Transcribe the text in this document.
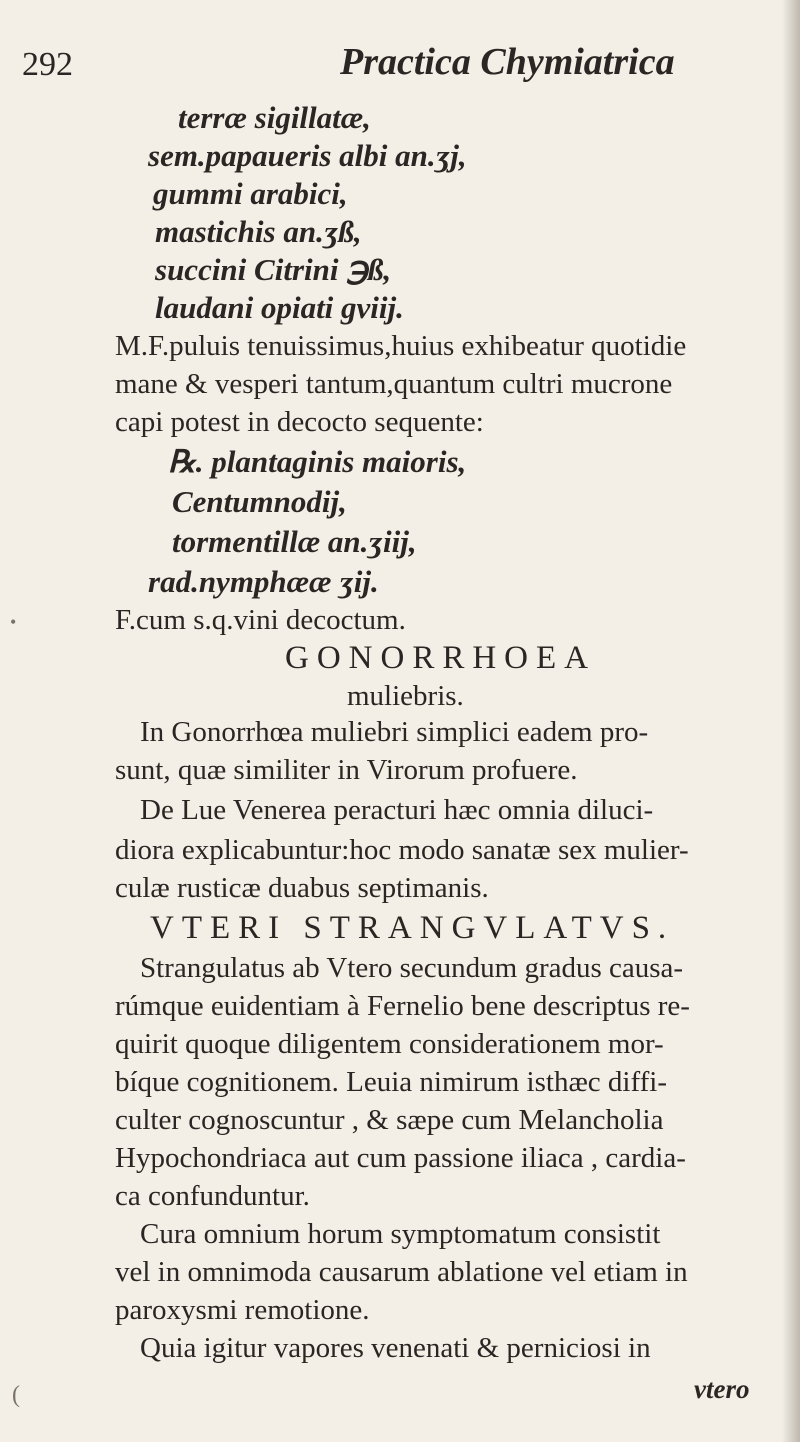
292	Practica Chymiatrica
terræ sigillatæ,
sem.papaueris albi an.ʒj,
gummi arabici,
mastichis an.ʒß,
succini Citrini ℈ß,
laudani opiati gviij.
M.F.puluis tenuissimus,huius exhibeatur quotidie
mane & vesperi tantum,quantum cultri mucrone
capi potest in decocto sequente:
℞. plantaginis maioris,
Centumnodij,
tormentillæ an.ʒiij,
rad.nymphææ ʒij.
F.cum s.q.vini decoctum.
GONORRHOEA
muliebris.
In Gonorrhœa muliebri simplici eadem pro-
sunt, quæ similiter in Virorum profuere.
De Lue Venerea peracturi hæc omnia diluci-
diora explicabuntur:hoc modo sanatæ sex mulier-
culæ rusticæ duabus septimanis.
VTERI STRANGVLATVS.
Strangulatus ab Vtero secundum gradus causa-
rúmque euidentiam à Fernelio bene descriptus re-
quirit quoque diligentem considerationem mor-
bíque cognitionem. Leuia nimirum isthæc diffi-
culter cognoscuntur , & sæpe cum Melancholia
Hypochondriaca aut cum passione iliaca , cardia-
ca confunduntur.
Cura omnium horum symptomatum consistit
vel in omnimoda causarum ablatione vel etiam in
paroxysmi remotione.
Quia igitur vapores venenati & perniciosi in
vtero
•
(
